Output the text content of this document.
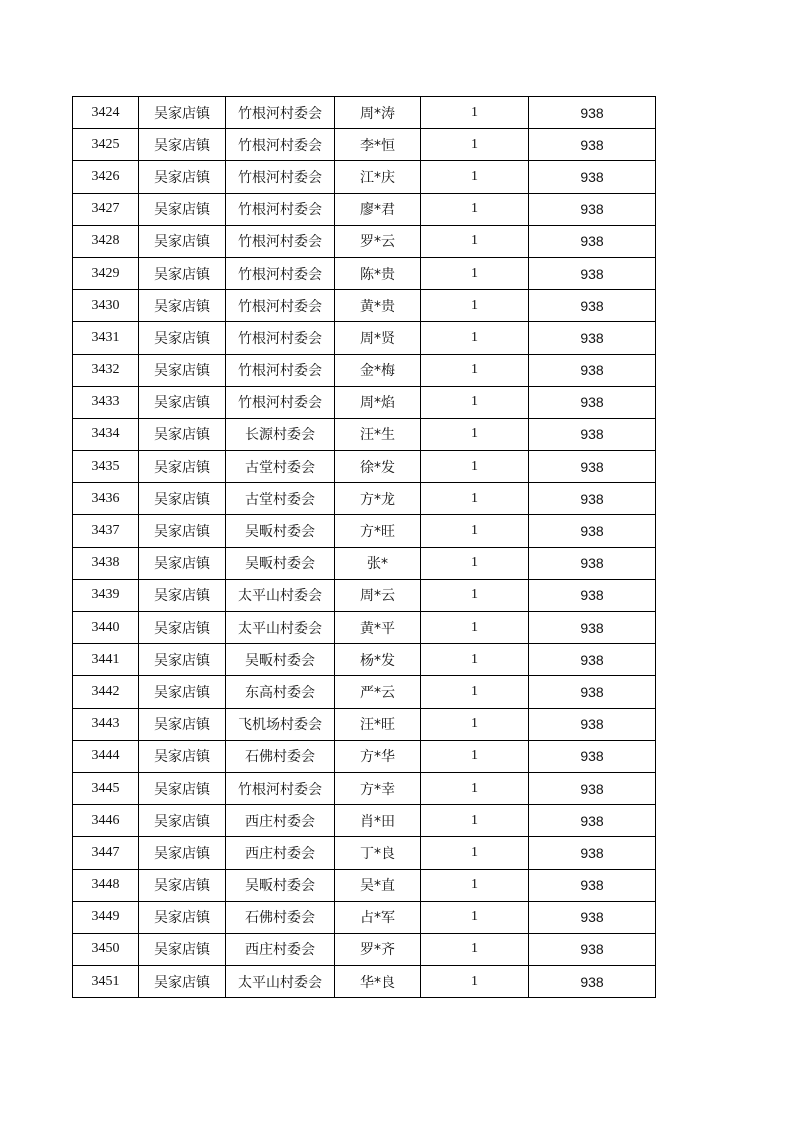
3424	吴家店镇	竹根河村委会	周*涛	1	938
3425	吴家店镇	竹根河村委会	李*恒	1	938
3426	吴家店镇	竹根河村委会	江*庆	1	938
3427	吴家店镇	竹根河村委会	廖*君	1	938
3428	吴家店镇	竹根河村委会	罗*云	1	938
3429	吴家店镇	竹根河村委会	陈*贵	1	938
3430	吴家店镇	竹根河村委会	黄*贵	1	938
3431	吴家店镇	竹根河村委会	周*贤	1	938
3432	吴家店镇	竹根河村委会	金*梅	1	938
3433	吴家店镇	竹根河村委会	周*焰	1	938
3434	吴家店镇	长源村委会	汪*生	1	938
3435	吴家店镇	古堂村委会	徐*发	1	938
3436	吴家店镇	古堂村委会	方*龙	1	938
3437	吴家店镇	吴畈村委会	方*旺	1	938
3438	吴家店镇	吴畈村委会	张*	1	938
3439	吴家店镇	太平山村委会	周*云	1	938
3440	吴家店镇	太平山村委会	黄*平	1	938
3441	吴家店镇	吴畈村委会	杨*发	1	938
3442	吴家店镇	东高村委会	严*云	1	938
3443	吴家店镇	飞机场村委会	汪*旺	1	938
3444	吴家店镇	石佛村委会	方*华	1	938
3445	吴家店镇	竹根河村委会	方*幸	1	938
3446	吴家店镇	西庄村委会	肖*田	1	938
3447	吴家店镇	西庄村委会	丁*良	1	938
3448	吴家店镇	吴畈村委会	吴*直	1	938
3449	吴家店镇	石佛村委会	占*军	1	938
3450	吴家店镇	西庄村委会	罗*齐	1	938
3451	吴家店镇	太平山村委会	华*良	1	938
